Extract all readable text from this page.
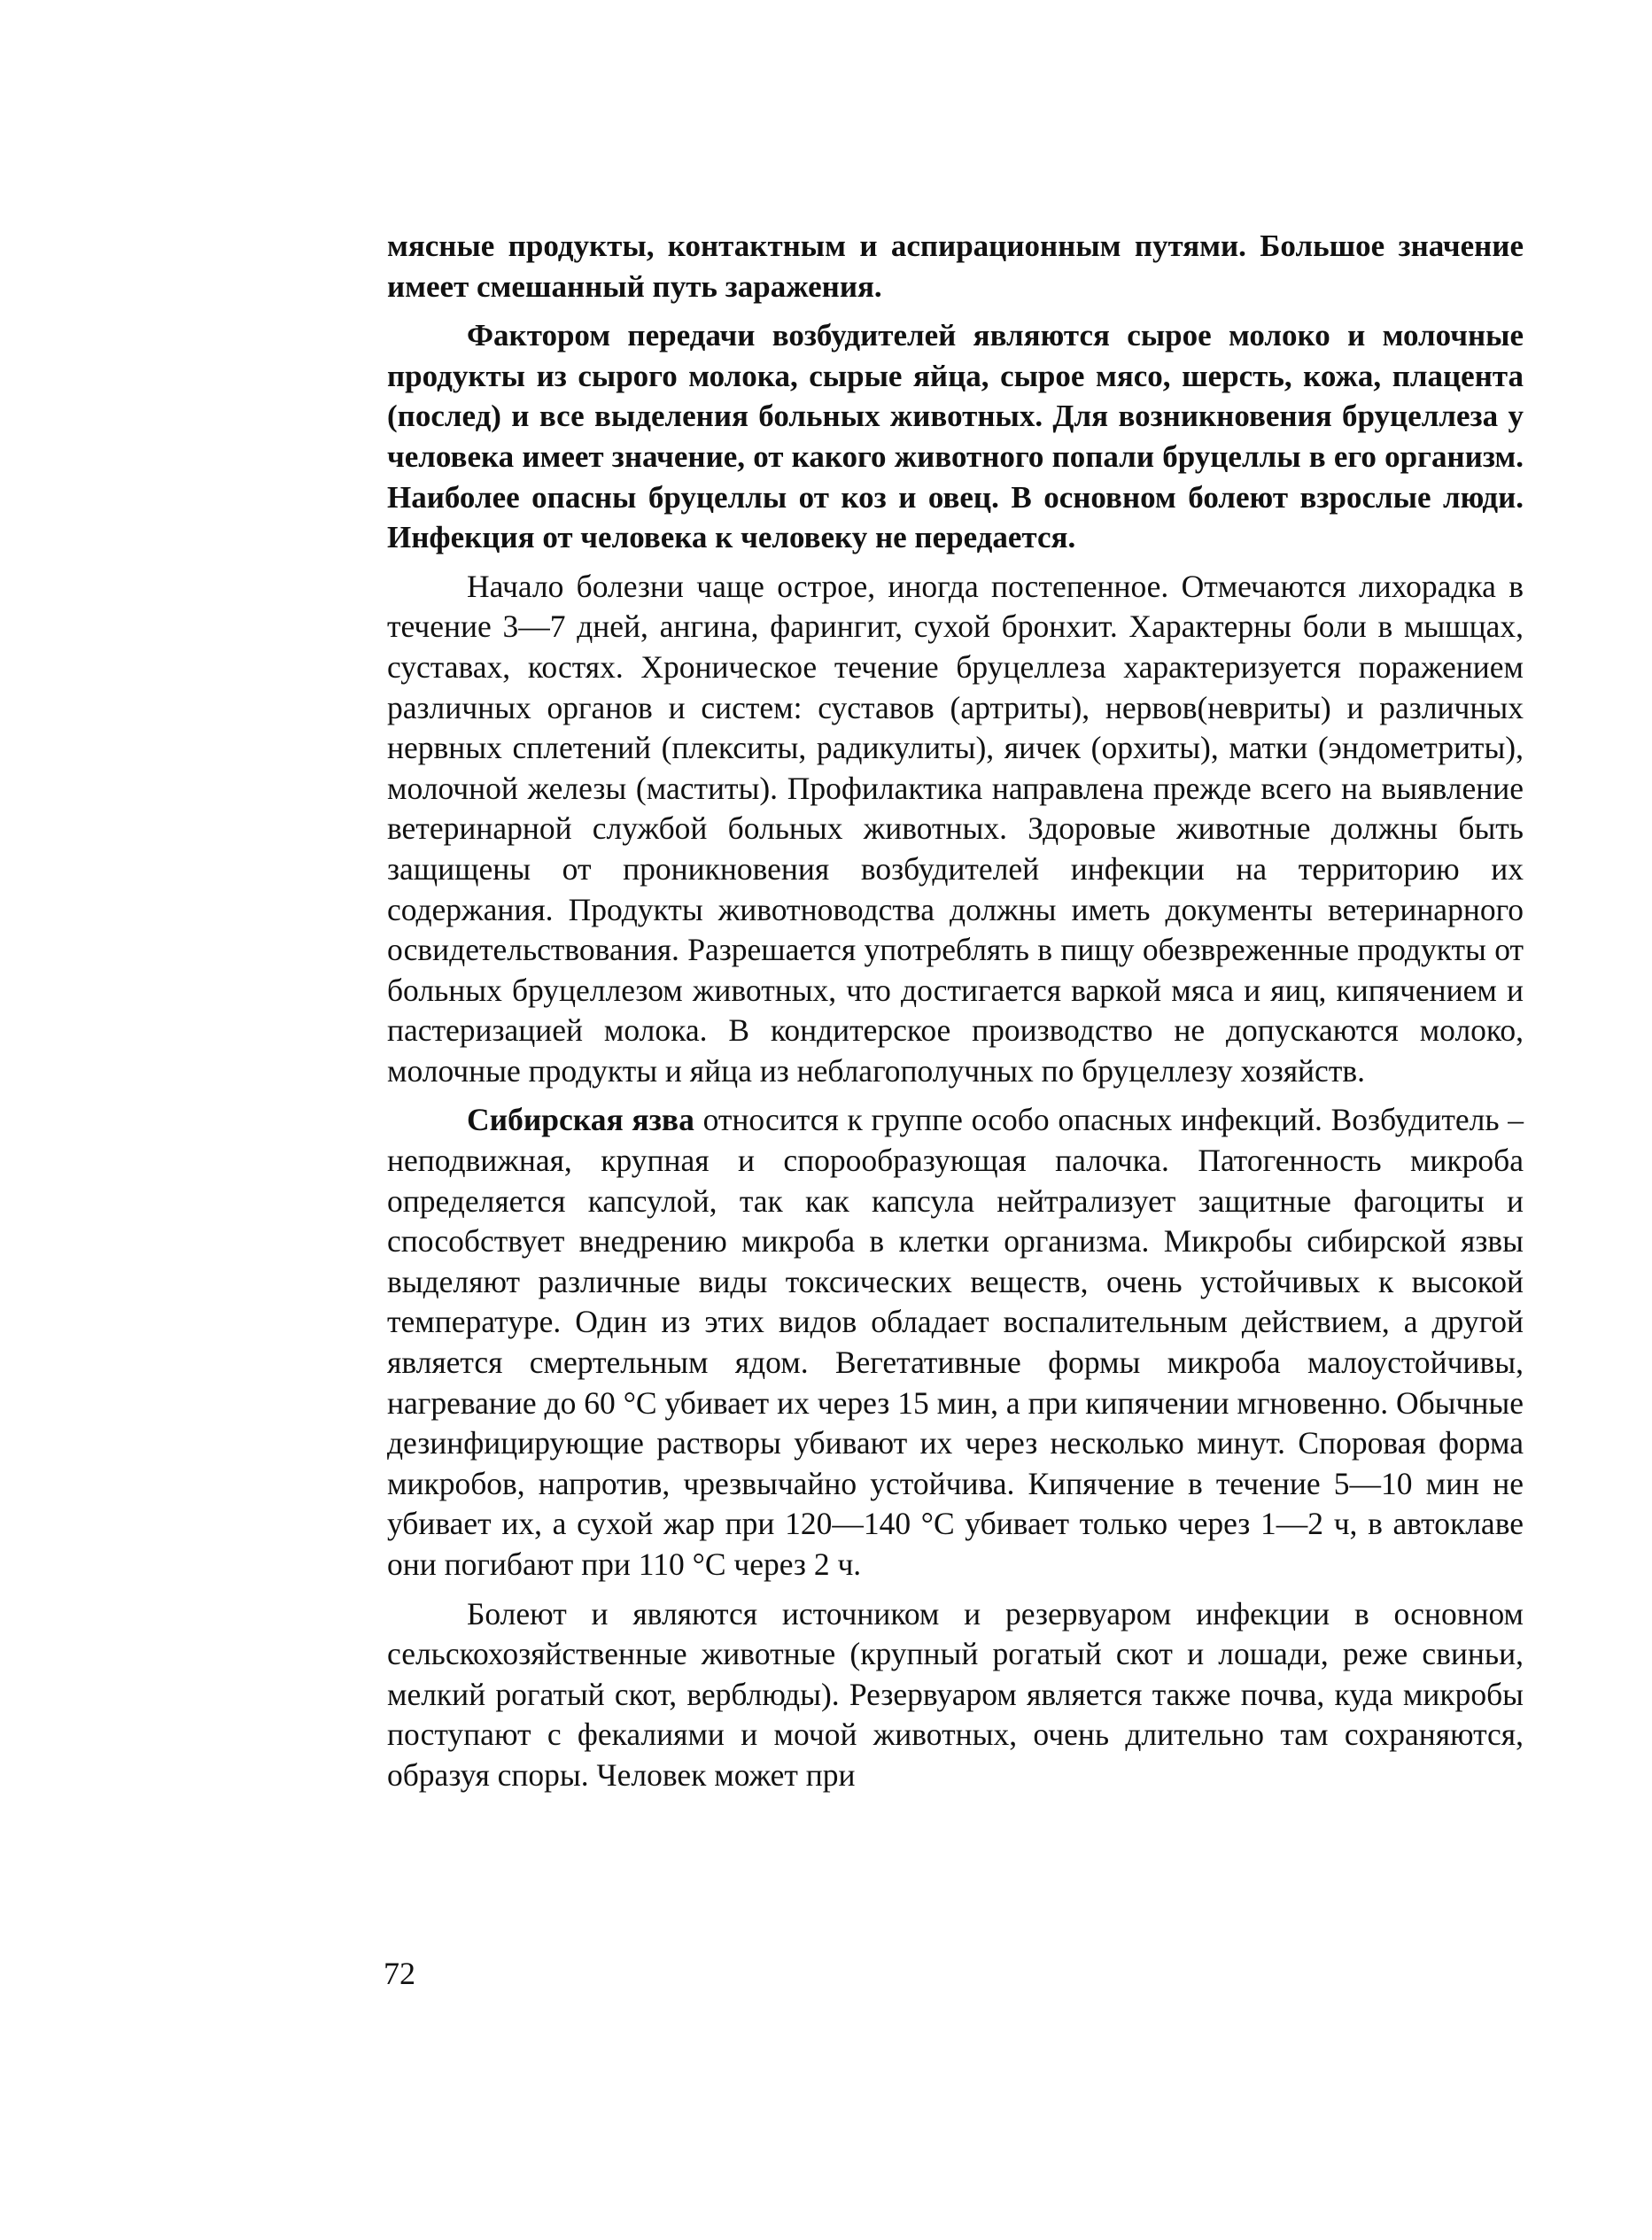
мясные продукты, контактным и аспирационным путями. Большое значение имеет смешанный путь заражения.

Фактором передачи возбудителей являются сырое молоко и молочные продукты из сырого молока, сырые яйца, сырое мясо, шерсть, кожа, плацента (послед) и все выделения больных животных. Для возникновения бруцеллеза у человека имеет значение, от какого животного попали бруцеллы в его организм. Наиболее опасны бруцеллы от коз и овец. В основном болеют взрослые люди. Инфекция от человека к человеку не передается.

Начало болезни чаще острое, иногда постепенное. Отмечаются лихорадка в течение 3—7 дней, ангина, фарингит, сухой бронхит. Характерны боли в мышцах, суставах, костях. Хроническое течение бруцеллеза характеризуется поражением различных органов и систем: суставов (артриты), нервов(невриты) и различных нервных сплетений (плекситы, радикулиты), яичек (орхиты), матки (эндометриты), молочной железы (маститы). Профилактика направлена прежде всего на выявление ветеринарной службой больных животных. Здоровые животные должны быть защищены от проникновения возбудителей инфекции на территорию их содержания. Продукты животноводства должны иметь документы ветеринарного освидетельствования. Разрешается употреблять в пищу обезвреженные продукты от больных бруцеллезом животных, что достигается варкой мяса и яиц, кипячением и пастеризацией молока. В кондитерское производство не допускаются молоко, молочные продукты и яйца из неблагополучных по бруцеллезу хозяйств.

Сибирская язва относится к группе особо опасных инфекций. Возбудитель – неподвижная, крупная и спорообразующая палочка. Патогенность микроба определяется капсулой, так как капсула нейтрализует защитные фагоциты и способствует внедрению микроба в клетки организма. Микробы сибирской язвы выделяют различные виды токсических веществ, очень устойчивых к высокой температуре. Один из этих видов обладает воспалительным действием, а другой является смертельным ядом. Вегетативные формы микроба малоустойчивы, нагревание до 60 °С убивает их через 15 мин, а при кипячении мгновенно. Обычные дезинфицирующие растворы убивают их через несколько минут. Споровая форма микробов, напротив, чрезвычайно устойчива. Кипячение в течение 5—10 мин не убивает их, а сухой жар при 120—140 °С убивает только через 1—2 ч, в автоклаве они погибают при 110 °С через 2 ч.

Болеют и являются источником и резервуаром инфекции в основном сельскохозяйственные животные (крупный рогатый скот и лошади, реже свиньи, мелкий рогатый скот, верблюды). Резервуаром является также почва, куда микробы поступают с фекалиями и мочой животных, очень длительно там сохраняются, образуя споры. Человек может при

72
